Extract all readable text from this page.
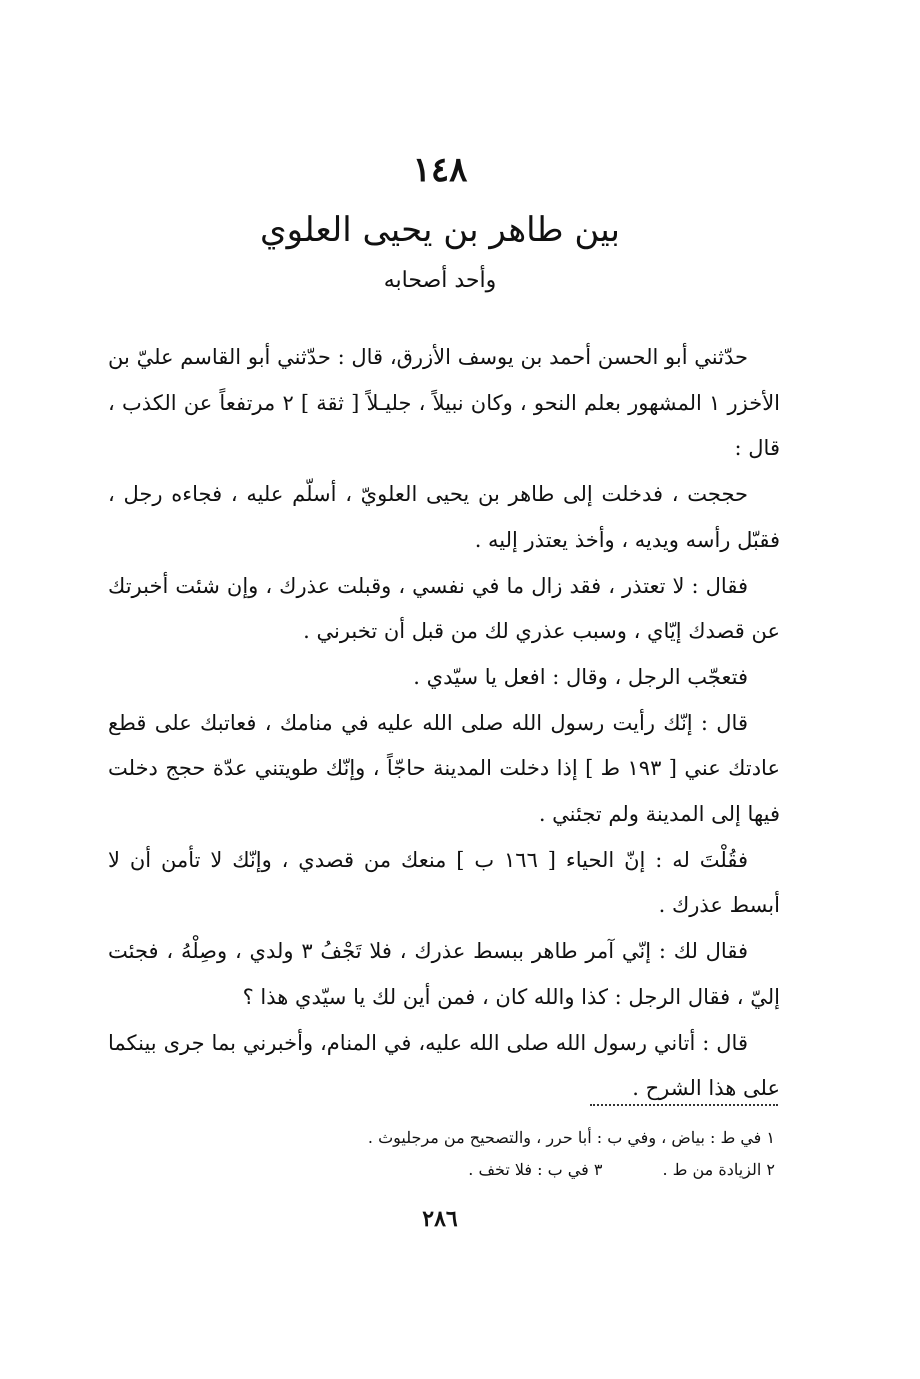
١٤٨
بين طاهر بن يحيى العلوي
وأحد أصحابه

حدّثني أبو الحسن أحمد بن يوسف الأزرق، قال : حدّثني أبو القاسم عليّ بن الأخزر ١ المشهور بعلم النحو ، وكان نبيلاً ، جليـلاً [ ثقة ] ٢ مرتفعاً عن الكذب ، قال :

حججت ، فدخلت إلى طاهر بن يحيى العلويّ ، أسلّم عليه ، فجاءه رجل ، فقبّل رأسه ويديه ، وأخذ يعتذر إليه .

فقال : لا تعتذر ، فقد زال ما في نفسي ، وقبلت عذرك ، وإن شئت أخبرتك عن قصدك إيّاي ، وسبب عذري لك من قبل أن تخبرني .

فتعجّب الرجل ، وقال : افعل يا سيّدي .

قال : إنّك رأيت رسول الله صلى الله عليه في منامك ، فعاتبك على قطع عادتك عني [ ١٩٣ ط ] إذا دخلت المدينة حاجّاً ، وإنّك طويتني عدّة حجج دخلت فيها إلى المدينة ولم تجئني .

فقُلْتَ له : إنّ الحياء [ ١٦٦ ب ] منعك من قصدي ، وإنّك لا تأمن أن لا أبسط عذرك .

فقال لك : إنّي آمر طاهر ببسط عذرك ، فلا تَجْفُ ٣ ولدي ، وصِلْهُ ، فجئت إليّ ، فقال الرجل : كذا والله كان ، فمن أين لك يا سيّدي هذا ؟

قال : أتاني رسول الله صلى الله عليه، في المنام، وأخبرني بما جرى بينكما على هذا الشرح .

١ في ط : بياض ، وفي ب : أبا حرر ، والتصحيح من مرجليوث .
٢ الزيادة من ط .
٣ في ب : فلا تخف .
٢٨٦
